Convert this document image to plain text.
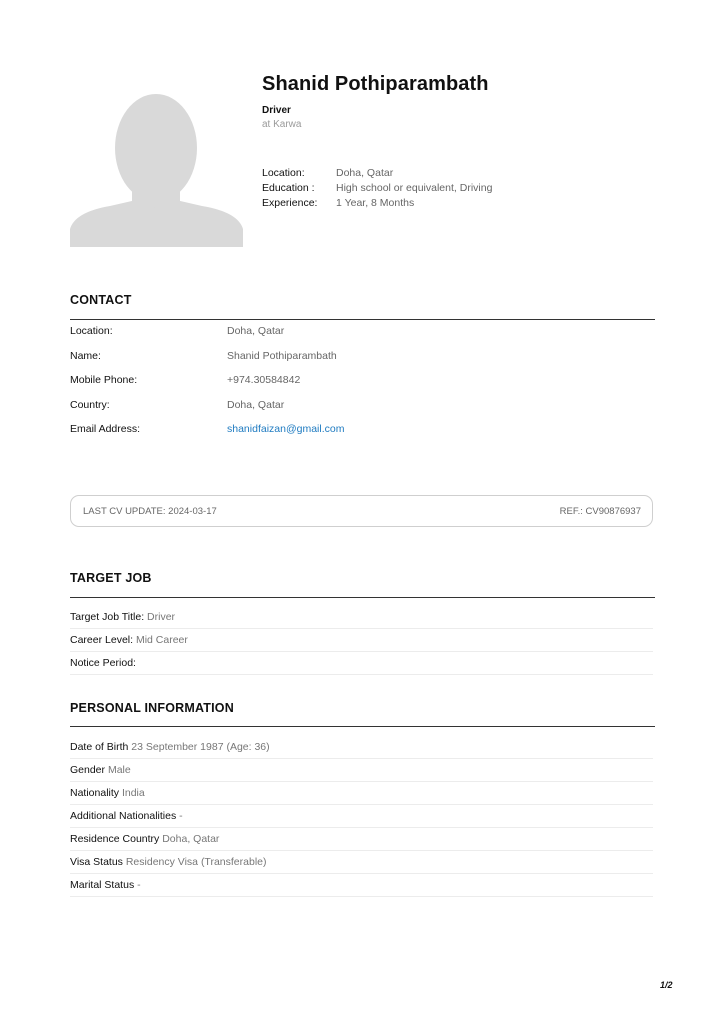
Shanid Pothiparambath
Driver
at Karwa
Location:	Doha, Qatar
Education :	High school or equivalent, Driving
Experience:	1 Year, 8 Months
CONTACT
Location:	Doha, Qatar
Name:	Shanid Pothiparambath
Mobile Phone:	+974.30584842
Country:	Doha, Qatar
Email Address:	shanidfaizan@gmail.com
LAST CV UPDATE: 2024-03-17	REF.: CV90876937
TARGET JOB
Target Job Title: Driver
Career Level: Mid Career
Notice Period:
PERSONAL INFORMATION
Date of Birth 23 September 1987 (Age: 36)
Gender Male
Nationality India
Additional Nationalities -
Residence Country Doha, Qatar
Visa Status Residency Visa (Transferable)
Marital Status -
1/2
